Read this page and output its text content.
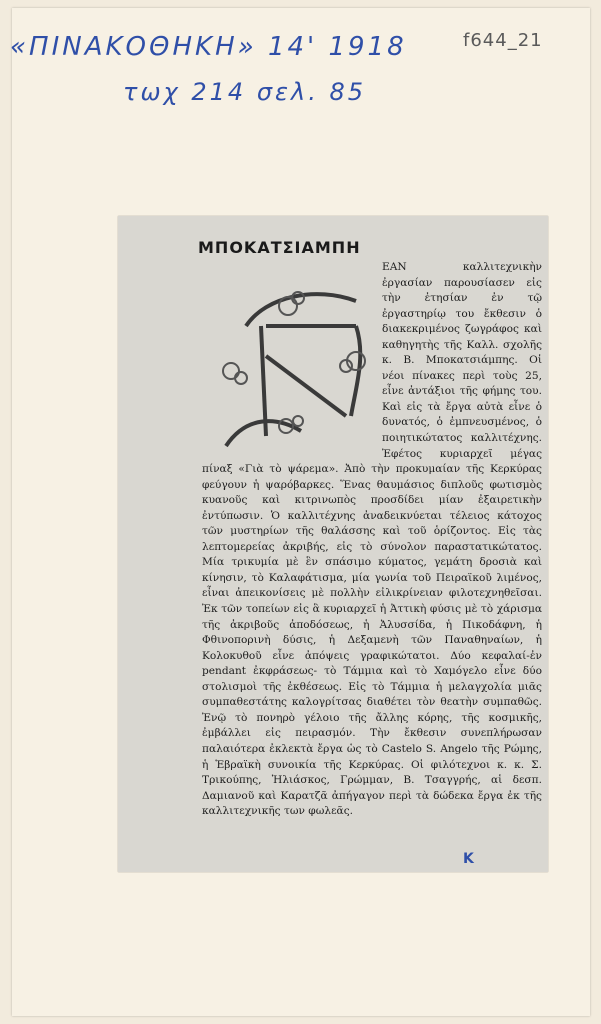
«ΠΙΝΑΚΟΘΗΚΗ» 14' 1918
τωχ 214 σελ. 85
f644_21
ΜΠΟΚΑΤΣΙΑΜΠΗ
ΕΑΝ καλλιτεχνικὴν ἐργασίαν παρουσίασεν εἰς τὴν ἐτησίαν ἐν τῷ ἐργαστηρίῳ του ἔκθεσιν ὁ διακεκριμένος ζωγράφος καὶ καθηγητὴς τῆς Καλλ. σχολῆς κ. Β. Μποκατσιάμπης. Οἱ νέοι πίνακες περὶ τοὺς 25, εἶνε ἀντάξιοι τῆς φήμης του. Καὶ εἰς τὰ ἔργα αὐτὰ εἶνε ὁ δυνατός, ὁ ἐμπνευσμένος, ὁ ποιητικώτατος καλλιτέχνης. Ἐφέτος κυριαρχεῖ μέγας πίναξ «Γιὰ τὸ ψάρεμα». Ἀπὸ τὴν προκυμαίαν τῆς Κερκύρας φεύγουν ἡ ψαρόβαρκες. Ἕνας θαυμάσιος διπλοῦς φωτισμὸς κυανοῦς καὶ κιτρινωπὸς προσδίδει μίαν ἐξαιρετικὴν ἐντύπωσιν. Ὁ καλλιτέχνης ἀναδεικνύεται τέλειος κάτοχος τῶν μυστηρίων τῆς θαλάσσης καὶ τοῦ ὁρίζοντος. Εἰς τὰς λεπτομερείας ἀκριβής, εἰς τὸ σύνολον παραστατικώτατος. Μία τρικυμία μὲ ἓν σπάσιμο κύματος, γεμάτη δροσιὰ καὶ κίνησιν, τὸ Καλαφάτισμα, μία γωνία τοῦ Πειραϊκοῦ λιμένος, εἶναι ἀπεικονίσεις μὲ πολλὴν εἰλικρίνειαν φιλοτεχνηθεῖσαι. Ἐκ τῶν τοπείων εἰς ἃ κυριαρχεῖ ἡ Ἀττικὴ φύσις μὲ τὸ χάρισμα τῆς ἀκριβοῦς ἀποδόσεως, ἡ Ἀλυσσίδα, ἡ Πικοδάφνη, ἡ Φθινοπορινὴ δύσις, ἡ Δεξαμενὴ τῶν Παναθηναίων, ἡ Κολοκυθοῦ εἶνε ἀπόψεις γραφικώτατοι. Δύο κεφαλαί-ἐν pendant ἐκφράσεως- τὸ Τάμμια καὶ τὸ Χαμόγελο εἶνε δύο στολισμοὶ τῆς ἐκθέσεως. Εἰς τὸ Τάμμια ἡ μελαγχολία μιᾶς συμπαθεστάτης καλογρίτσας διαθέτει τὸν θεατὴν συμπαθῶς. Ἐνῷ τὸ πονηρὸ γέλοιο τῆς ἄλλης κόρης, τῆς κοσμικῆς, ἐμβάλλει εἰς πειρασμόν. Τὴν ἔκθεσιν συνεπλήρωσαν παλαιότερα ἐκλεκτὰ ἔργα ὡς τὸ Castelo S. Angelo τῆς Ρώμης, ἡ Ἑβραϊκὴ συνοικία τῆς Κερκύρας. Οἱ φιλότεχνοι κ. κ. Σ. Τρικούπης, Ἠλιάσκος, Γρώμμαν, Β. Τσαγγρής, αἱ δεσπ. Δαμιανοῦ καὶ Καρατζᾶ ἀπήγαγον περὶ τὰ δώδεκα ἔργα ἐκ τῆς καλλιτεχνικῆς των φωλεᾶς.
K
